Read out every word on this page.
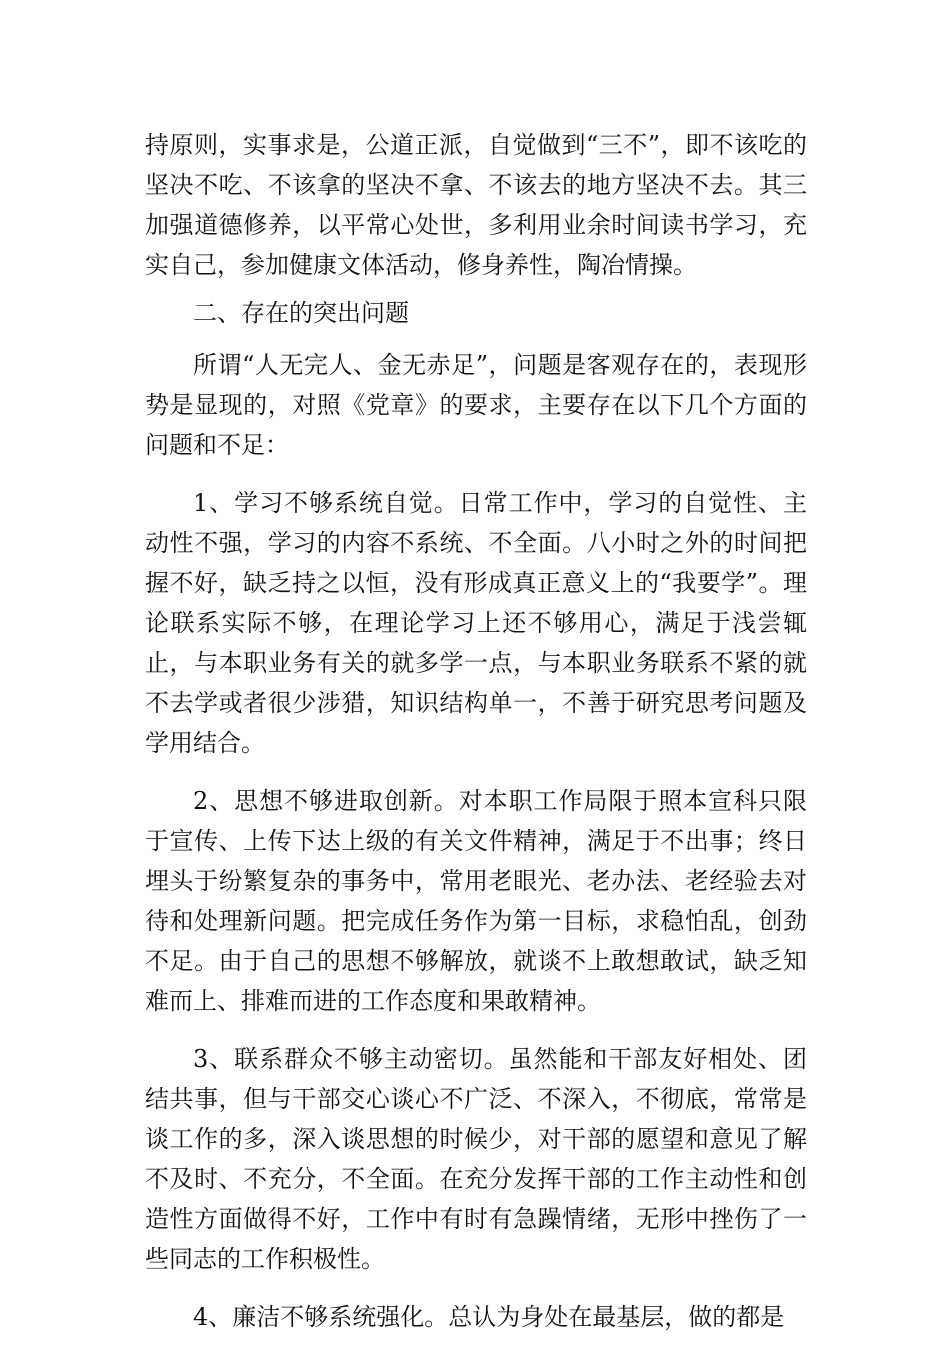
持原则，实事求是，公道正派，自觉做到“三不”，即不该吃的坚决不吃、不该拿的坚决不拿、不该去的地方坚决不去。其三加强道德修养，以平常心处世，多利用业余时间读书学习，充实自己，参加健康文体活动，修身养性，陶冶情操。

二、存在的突出问题

所谓“人无完人、金无赤足”，问题是客观存在的，表现形势是显现的，对照《党章》的要求，主要存在以下几个方面的问题和不足：

1、学习不够系统自觉。日常工作中，学习的自觉性、主动性不强，学习的内容不系统、不全面。八小时之外的时间把握不好，缺乏持之以恒，没有形成真正意义上的“我要学”。理论联系实际不够，在理论学习上还不够用心，满足于浅尝辄止，与本职业务有关的就多学一点，与本职业务联系不紧的就不去学或者很少涉猎，知识结构单一，不善于研究思考问题及学用结合。

2、思想不够进取创新。对本职工作局限于照本宣科只限于宣传、上传下达上级的有关文件精神，满足于不出事；终日埋头于纷繁复杂的事务中，常用老眼光、老办法、老经验去对待和处理新问题。把完成任务作为第一目标，求稳怕乱，创劲不足。由于自己的思想不够解放，就谈不上敢想敢试，缺乏知难而上、排难而进的工作态度和果敢精神。

3、联系群众不够主动密切。虽然能和干部友好相处、团结共事，但与干部交心谈心不广泛、不深入，不彻底，常常是谈工作的多，深入谈思想的时候少，对干部的愿望和意见了解不及时、不充分，不全面。在充分发挥干部的工作主动性和创造性方面做得不好，工作中有时有急躁情绪，无形中挫伤了一些同志的工作积极性。

4、廉洁不够系统强化。总认为身处在最基层，做的都是
